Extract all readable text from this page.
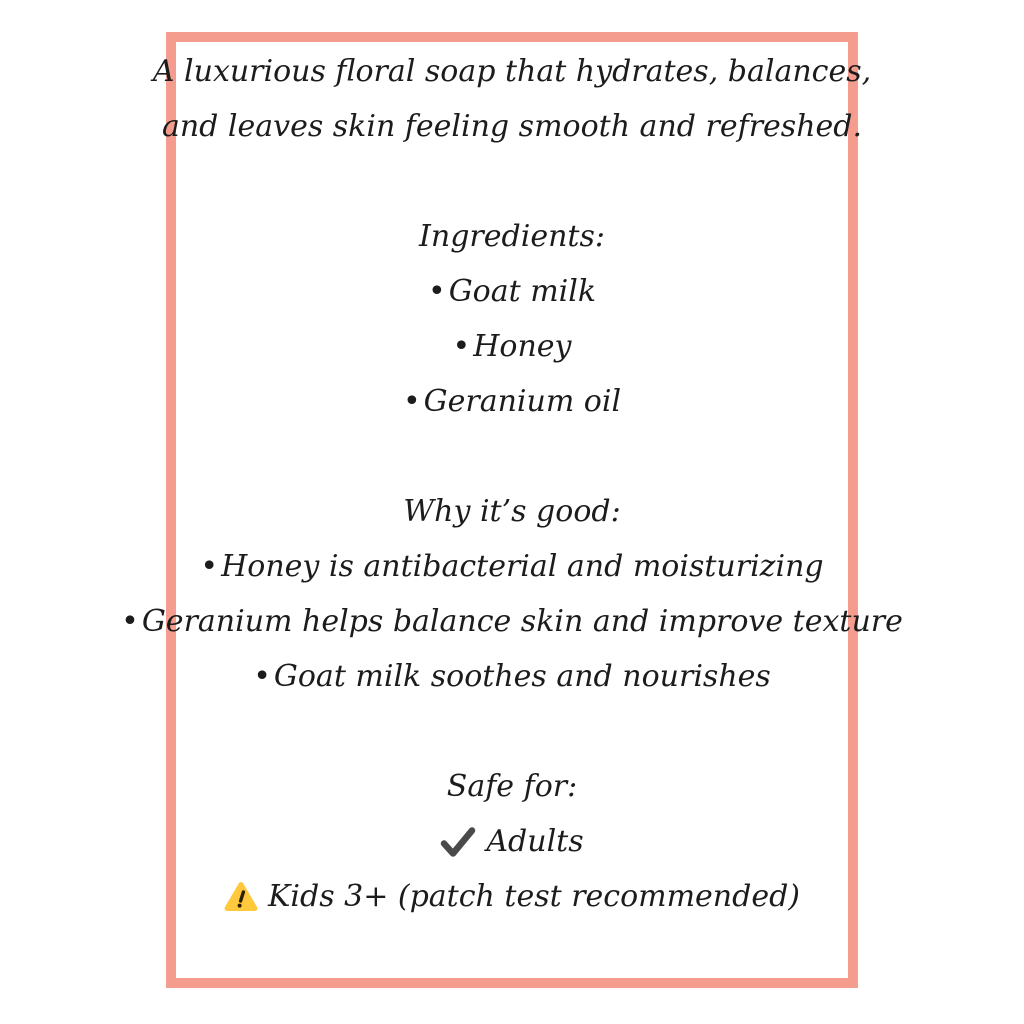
A luxurious floral soap that hydrates, balances,
and leaves skin feeling smooth and refreshed.
Ingredients:
• Goat milk
• Honey
• Geranium oil
Why it’s good:
• Honey is antibacterial and moisturizing
• Geranium helps balance skin and improve texture
• Goat milk soothes and nourishes
Safe for:
Adults
Kids 3+ (patch test recommended)
